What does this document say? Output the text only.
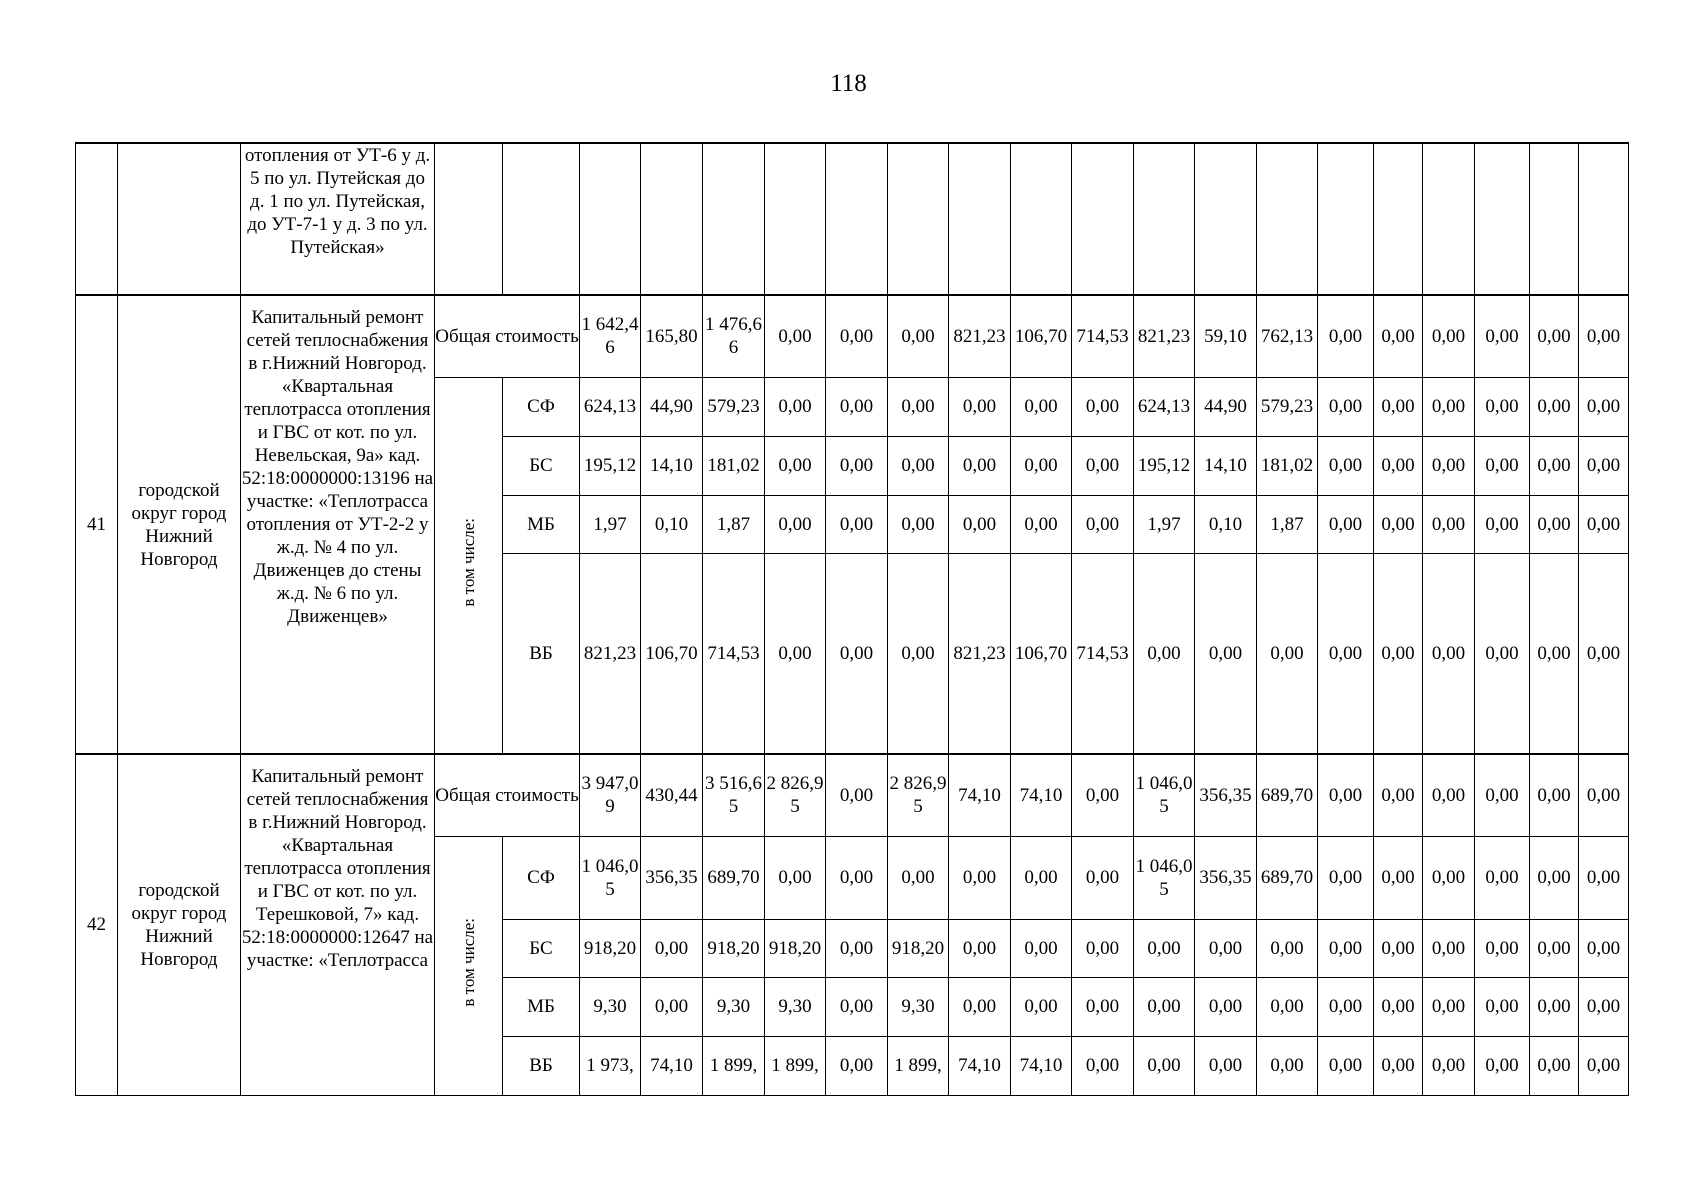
118
		отопления от УТ-6 у д. 5 по ул. Путейская до д. 1 по ул. Путейская, до УТ-7-1 у д. 3 по ул. Путейская»																				
41	городской округ город Нижний Новгород	Капитальный ремонт сетей теплоснабжения в г.Нижний Новгород. «Квартальная теплотрасса отопления и ГВС от кот. по ул. Невельская, 9а» кад. 52:18:0000000:13196 на участке: «Теплотрасса отопления от УТ-2-2 у ж.д. № 4 по ул. Движенцев до стены ж.д. № 6 по ул. Движенцев»	Общая стоимость		1 642,46	165,80	1 476,66	0,00	0,00	0,00	821,23	106,70	714,53	821,23	59,10	762,13	0,00	0,00	0,00	0,00	0,00	0,00
			в том числе:	СФ	624,13	44,90	579,23	0,00	0,00	0,00	0,00	0,00	0,00	624,13	44,90	579,23	0,00	0,00	0,00	0,00	0,00	0,00
				БС	195,12	14,10	181,02	0,00	0,00	0,00	0,00	0,00	0,00	195,12	14,10	181,02	0,00	0,00	0,00	0,00	0,00	0,00
				МБ	1,97	0,10	1,87	0,00	0,00	0,00	0,00	0,00	0,00	1,97	0,10	1,87	0,00	0,00	0,00	0,00	0,00	0,00
				ВБ	821,23	106,70	714,53	0,00	0,00	0,00	821,23	106,70	714,53	0,00	0,00	0,00	0,00	0,00	0,00	0,00	0,00	0,00
42	городской округ город Нижний Новгород	Капитальный ремонт сетей теплоснабжения в г.Нижний Новгород. «Квартальная теплотрасса отопления и ГВС от кот. по ул. Терешковой, 7» кад. 52:18:0000000:12647 на участке: «Теплотрасса	Общая стоимость		3 947,09	430,44	3 516,65	2 826,95	0,00	2 826,95	74,10	74,10	0,00	1 046,05	356,35	689,70	0,00	0,00	0,00	0,00	0,00	0,00
			в том числе:	СФ	1 046,05	356,35	689,70	0,00	0,00	0,00	0,00	0,00	0,00	1 046,05	356,35	689,70	0,00	0,00	0,00	0,00	0,00	0,00
				БС	918,20	0,00	918,20	918,20	0,00	918,20	0,00	0,00	0,00	0,00	0,00	0,00	0,00	0,00	0,00	0,00	0,00	0,00
				МБ	9,30	0,00	9,30	9,30	0,00	9,30	0,00	0,00	0,00	0,00	0,00	0,00	0,00	0,00	0,00	0,00	0,00	0,00
				ВБ	1 973,	74,10	1 899,	1 899,	0,00	1 899,	74,10	74,10	0,00	0,00	0,00	0,00	0,00	0,00	0,00	0,00	0,00	0,00
